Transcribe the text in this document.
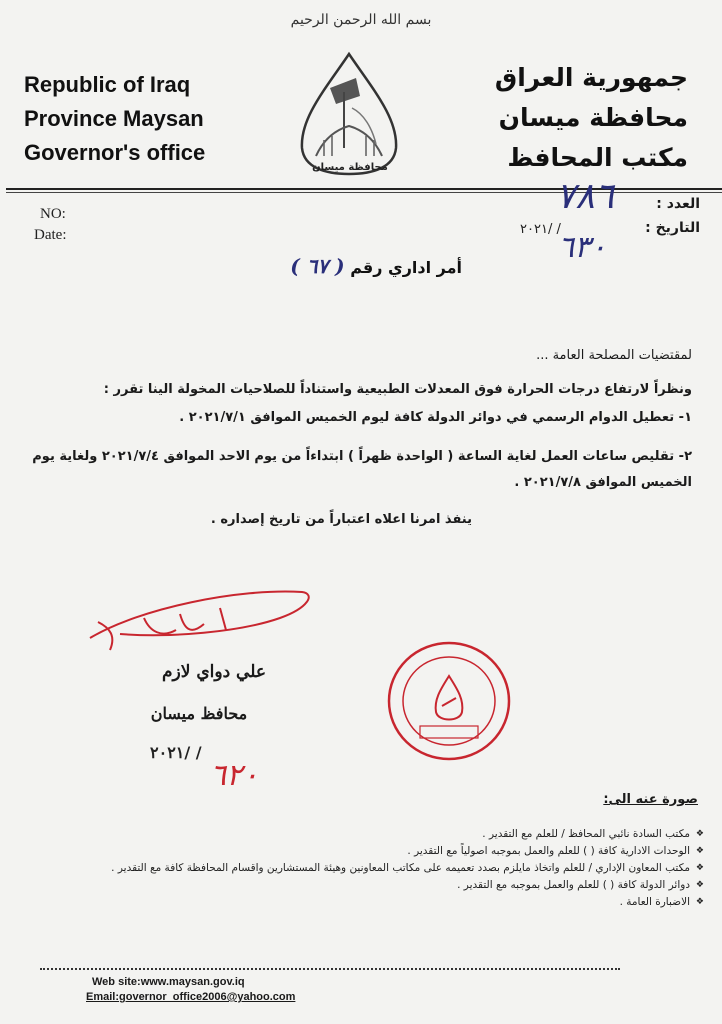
بسم الله الرحمن الرحيم
Republic of Iraq
Province Maysan
Governor's office
محافظة ميسان
جمهورية العراق
محافظة ميسان
مكتب المحافظ
NO:
Date:
العدد :
التاريخ :
٧٨٦
٢٠٢١/ /
٦٣٠
أمر اداري رقم ( ٦٧ )
لمقتضيات المصلحة العامة ...
ونظراً لارتفاع درجات الحرارة فوق المعدلات الطبيعية واستناداً للصلاحيات المخولة الينا تقرر :
١- تعطيل الدوام الرسمي في دوائر الدولة كافة ليوم الخميس الموافق ٢٠٢١/٧/١ .
٢- تقليص ساعات العمل لغاية الساعة ( الواحدة ظهراً ) ابتداءاً من يوم الاحد الموافق ٢٠٢١/٧/٤ ولغاية يوم الخميس الموافق ٢٠٢١/٧/٨ .
ينفذ امرنا اعلاه اعتباراً من تاريخ إصداره .
علي دواي لازم
محافظ ميسان
٢٠٢١/ /
٦٢٠
صورة عنه الى:
❖ مكتب السادة نائبي المحافظ / للعلم مع التقدير .
❖ الوحدات الادارية كافة ( ) للعلم والعمل بموجبه اصولياً مع التقدير .
❖ مكتب المعاون الإداري / للعلم واتخاذ مايلزم بصدد تعميمه على مكاتب المعاونين وهيئة المستشارين واقسام المحافظة كافة مع التقدير .
❖ دوائر الدولة كافة ( ) للعلم والعمل بموجبه مع التقدير .
❖ الاضبارة العامة .
Web site:www.maysan.gov.iq
Email:governor_office2006@yahoo.com
